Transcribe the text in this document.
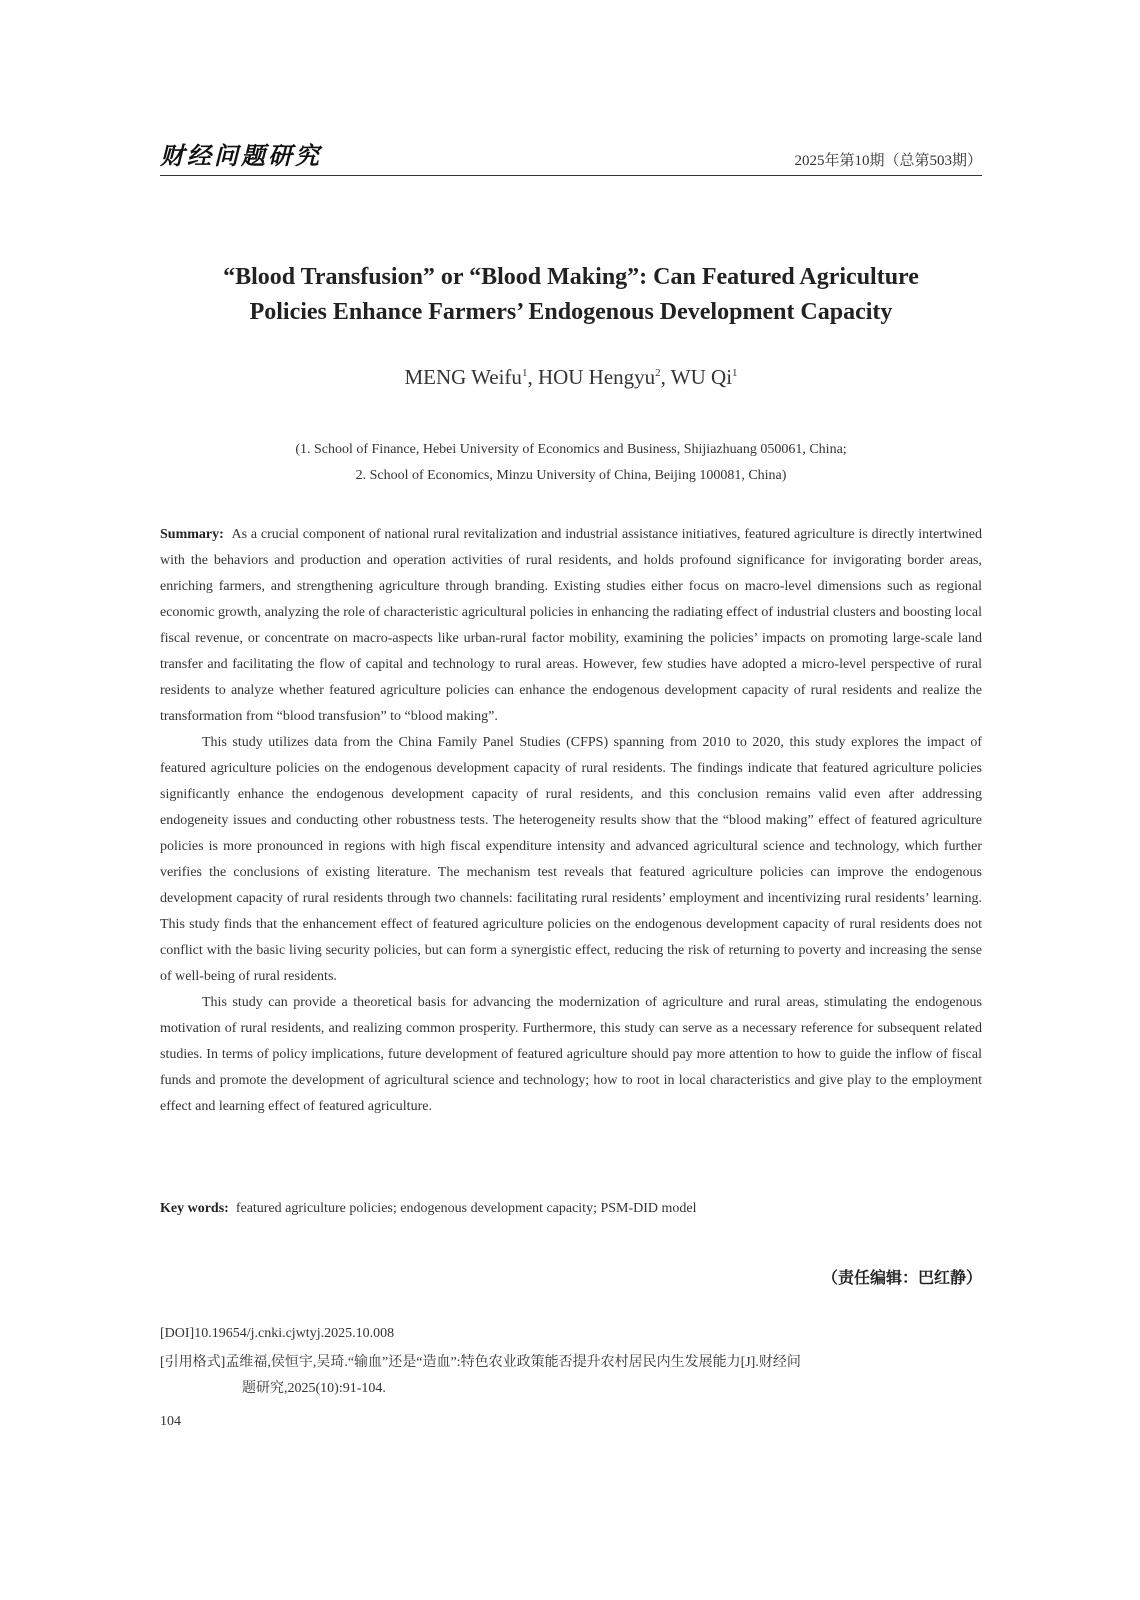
财经问题研究	2025年第10期（总第503期）
“Blood Transfusion” or “Blood Making”: Can Featured Agriculture
Policies Enhance Farmers’ Endogenous Development Capacity
MENG Weifu$^1$, HOU Hengyu$^2$, WU Qi$^1$

(1. School of Finance, Hebei University of Economics and Business, Shijiazhuang 050061, China;

2. School of Economics, Minzu University of China, Beijing 100081, China)

Summary: As a crucial component of national rural revitalization and industrial assistance initiatives, featured agriculture is directly intertwined with the behaviors and production and operation activities of rural residents, and holds profound significance for invigorating border areas, enriching farmers, and strengthening agriculture through branding. Existing studies either focus on macro-level dimensions such as regional economic growth, analyzing the role of characteristic agricultural policies in enhancing the radiating effect of industrial clusters and boosting local fiscal revenue, or concentrate on macro-aspects like urban-rural factor mobility, examining the policies’ impacts on promoting large-scale land transfer and facilitating the flow of capital and technology to rural areas. However, few studies have adopted a micro-level perspective of rural residents to analyze whether featured agriculture policies can enhance the endogenous development capacity of rural residents and realize the transformation from “blood transfusion” to “blood making”.

This study utilizes data from the China Family Panel Studies (CFPS) spanning from 2010 to 2020, this study explores the impact of featured agriculture policies on the endogenous development capacity of rural residents. The findings indicate that featured agriculture policies significantly enhance the endogenous development capacity of rural residents, and this conclusion remains valid even after addressing endogeneity issues and conducting other robustness tests. The heterogeneity results show that the “blood making” effect of featured agriculture policies is more pronounced in regions with high fiscal expenditure intensity and advanced agricultural science and technology, which further verifies the conclusions of existing literature. The mechanism test reveals that featured agriculture policies can improve the endogenous development capacity of rural residents through two channels: facilitating rural residents’ employment and incentivizing rural residents’ learning. This study finds that the enhancement effect of featured agriculture policies on the endogenous development capacity of rural residents does not conflict with the basic living security policies, but can form a synergistic effect, reducing the risk of returning to poverty and increasing the sense of well-being of rural residents.

This study can provide a theoretical basis for advancing the modernization of agriculture and rural areas, stimulating the endogenous motivation of rural residents, and realizing common prosperity. Furthermore, this study can serve as a necessary reference for subsequent related studies. In terms of policy implications, future development of featured agriculture should pay more attention to how to guide the inflow of fiscal funds and promote the development of agricultural science and technology; how to root in local characteristics and give play to the employment effect and learning effect of featured agriculture.

Key words: featured agriculture policies; endogenous development capacity; PSM-DID model
（责任编辑：巴红静）
[DOI]10.19654/j.cnki.cjwtyj.2025.10.008

[引用格式]孟维福,侯恒宇,吴琦.“输血”还是“造血”:特色农业政策能否提升农村居民内生发展能力[J].财经问

题研究,2025(10):91-104.

104
